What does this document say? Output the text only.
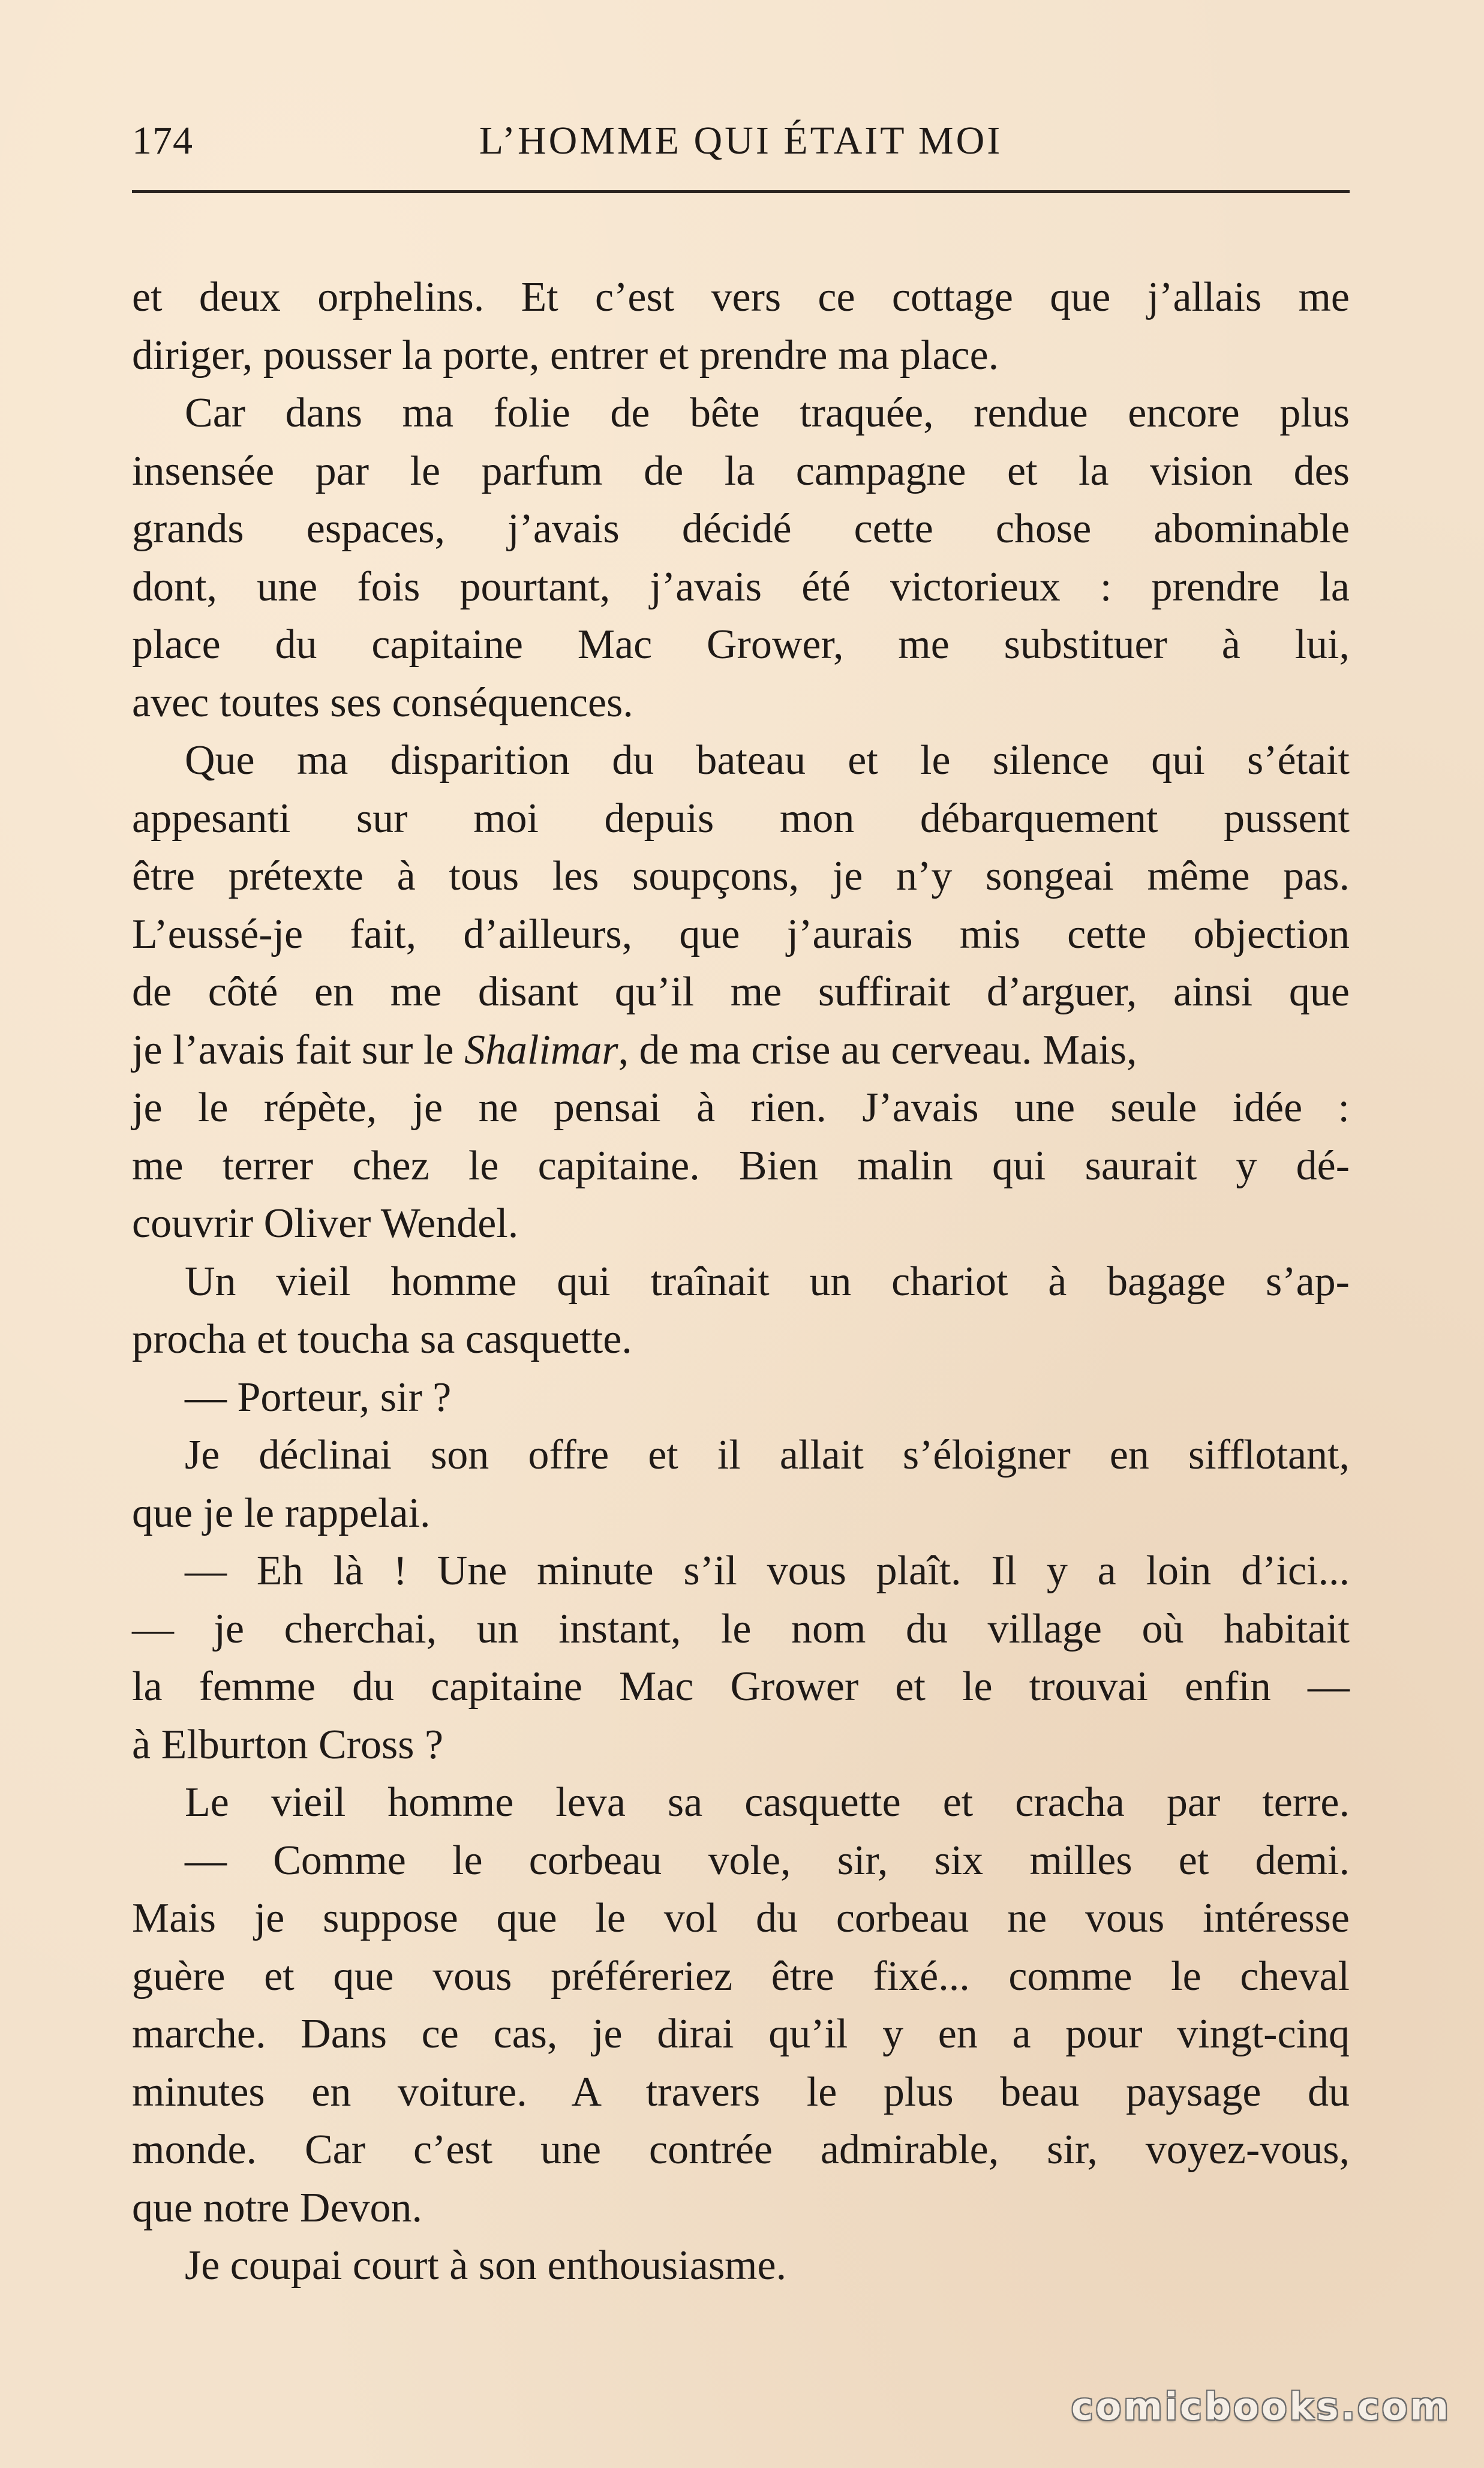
174	L’HOMME QUI ÉTAIT MOI
et deux orphelins. Et c’est vers ce cottage que j’allais me
diriger, pousser la porte, entrer et prendre ma place.
Car dans ma folie de bête traquée, rendue encore plus
insensée par le parfum de la campagne et la vision des
grands espaces, j’avais décidé cette chose abominable
dont, une fois pourtant, j’avais été victorieux : prendre la
place du capitaine Mac Grower, me substituer à lui,
avec toutes ses conséquences.
Que ma disparition du bateau et le silence qui s’était
appesanti sur moi depuis mon débarquement pussent
être prétexte à tous les soupçons, je n’y songeai même pas.
L’eussé-je fait, d’ailleurs, que j’aurais mis cette objection
de côté en me disant qu’il me suffirait d’arguer, ainsi que
je l’avais fait sur le Shalimar, de ma crise au cerveau. Mais,
je le répète, je ne pensai à rien. J’avais une seule idée :
me terrer chez le capitaine. Bien malin qui saurait y dé-
couvrir Oliver Wendel.
Un vieil homme qui traînait un chariot à bagage s’ap-
procha et toucha sa casquette.
— Porteur, sir ?
Je déclinai son offre et il allait s’éloigner en sifflotant,
que je le rappelai.
— Eh là ! Une minute s’il vous plaît. Il y a loin d’ici...
— je cherchai, un instant, le nom du village où habitait
la femme du capitaine Mac Grower et le trouvai enfin —
à Elburton Cross ?
Le vieil homme leva sa casquette et cracha par terre.
— Comme le corbeau vole, sir, six milles et demi.
Mais je suppose que le vol du corbeau ne vous intéresse
guère et que vous préféreriez être fixé... comme le cheval
marche. Dans ce cas, je dirai qu’il y en a pour vingt-cinq
minutes en voiture. A travers le plus beau paysage du
monde. Car c’est une contrée admirable, sir, voyez-vous,
que notre Devon.
Je coupai court à son enthousiasme.
comicbooks.com
